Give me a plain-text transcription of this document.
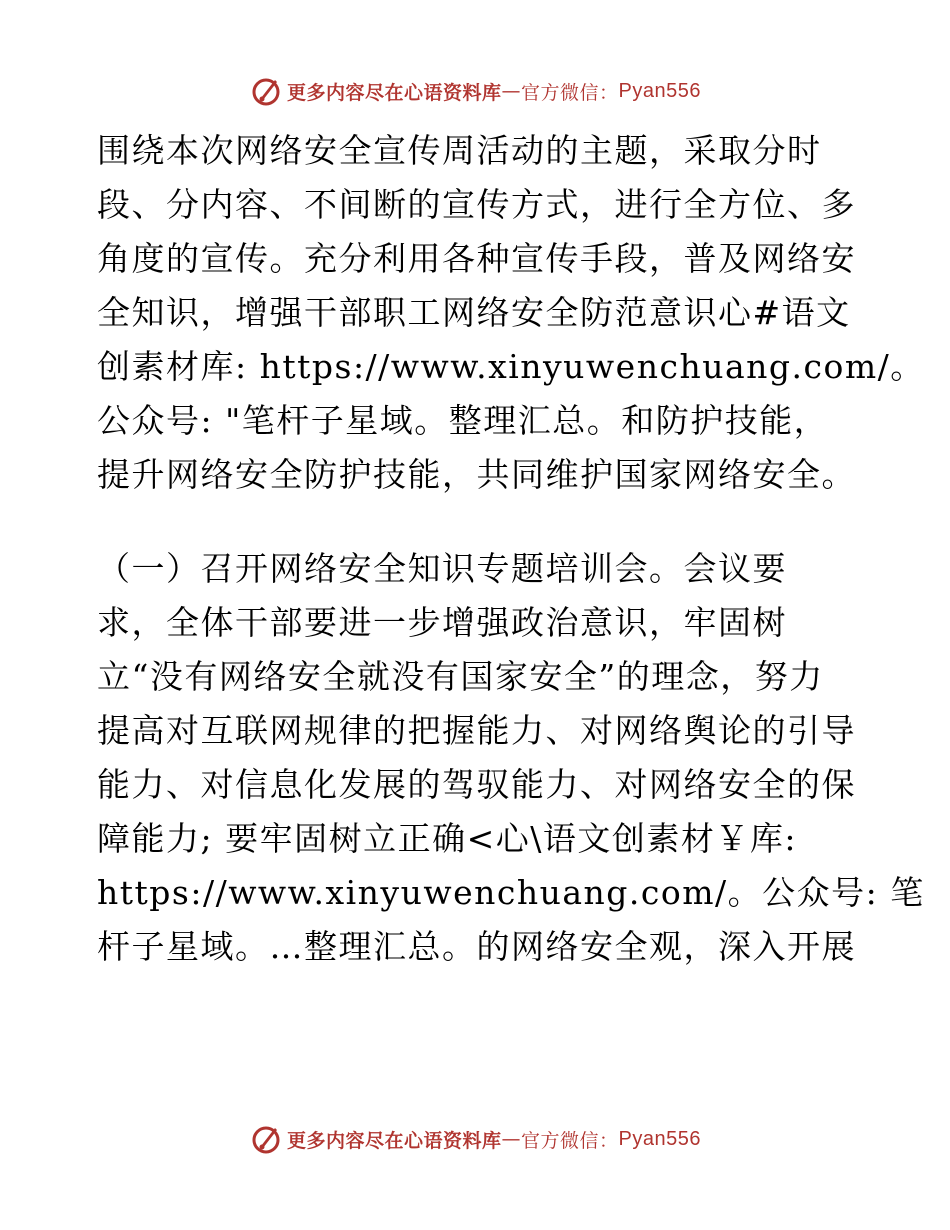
更多内容尽在心语资料库 — 官方微信： Pyan556
围绕本次网络安全宣传周活动的主题，采取分时
段、分内容、不间断的宣传方式，进行全方位、多
角度的宣传。充分利用各种宣传手段，普及网络安
全知识，增强干部职工网络安全防范意识心#语文
创素材库: https://www.xinyuwenchuang.com/。
公众号: "笔杆子星域。整理汇总。和防护技能，
提升网络安全防护技能，共同维护国家网络安全。
（一）召开网络安全知识专题培训会。会议要
求，全体干部要进一步增强政治意识，牢固树
立“没有网络安全就没有国家安全”的理念，努力
提高对互联网规律的把握能力、对网络舆论的引导
能力、对信息化发展的驾驭能力、对网络安全的保
障能力; 要牢固树立正确<心\语文创素材￥库:
https://www.xinyuwenchuang.com/。公众号: 笔
杆子星域。…整理汇总。的网络安全观，深入开展
更多内容尽在心语资料库 — 官方微信： Pyan556
